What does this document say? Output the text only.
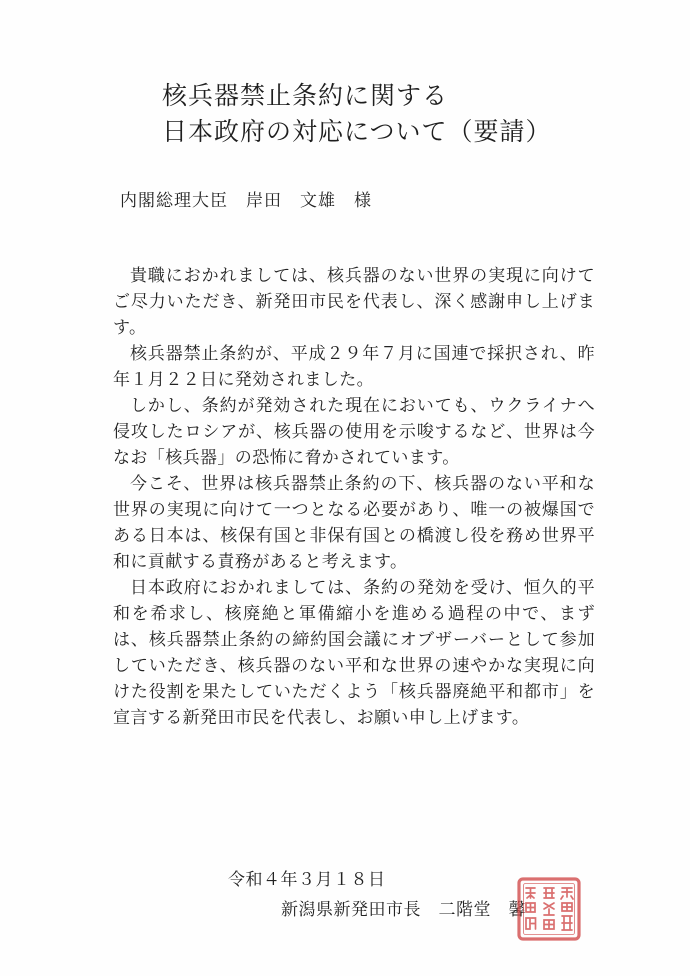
核兵器禁止条約に関する
日本政府の対応について（要請）
内閣総理大臣　岸田　文雄　様

貴職におかれましては、核兵器のない世界の実現に向けてご尽力いただき、新発田市民を代表し、深く感謝申し上げます。

核兵器禁止条約が、平成２９年７月に国連で採択され、昨年１月２２日に発効されました。

しかし、条約が発効された現在においても、ウクライナへ侵攻したロシアが、核兵器の使用を示唆するなど、世界は今なお「核兵器」の恐怖に脅かされています。

今こそ、世界は核兵器禁止条約の下、核兵器のない平和な世界の実現に向けて一つとなる必要があり、唯一の被爆国である日本は、核保有国と非保有国との橋渡し役を務め世界平和に貢献する責務があると考えます。

日本政府におかれましては、条約の発効を受け、恒久的平和を希求し、核廃絶と軍備縮小を進める過程の中で、まずは、核兵器禁止条約の締約国会議にオブザーバーとして参加していただき、核兵器のない平和な世界の速やかな実現に向けた役割を果たしていただくよう「核兵器廃絶平和都市」を宣言する新発田市民を代表し、お願い申し上げます。

令和４年３月１８日
新潟県新発田市長　二階堂　馨
